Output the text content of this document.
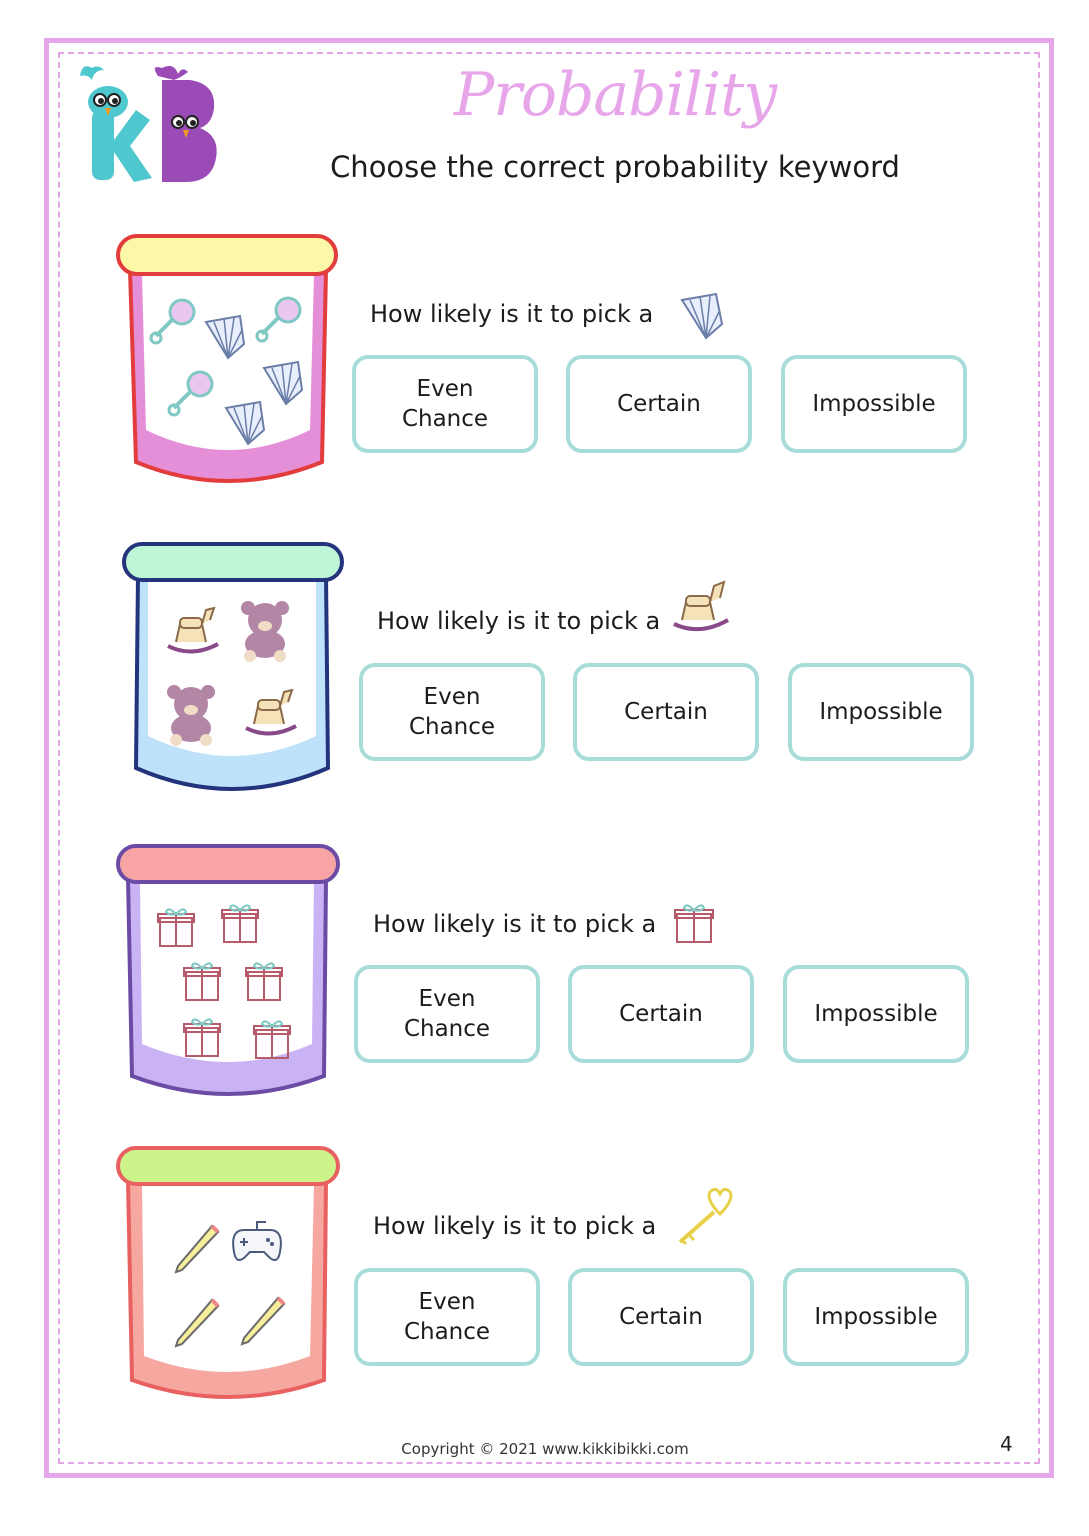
Probability
Choose the correct probability keyword
How likely is it to pick a
Even
Chance
Certain	Impossible
How likely is it to pick a
Even
Chance
Certain	Impossible
How likely is it to pick a
Even
Chance
Certain	Impossible
How likely is it to pick a
Even
Chance
Certain	Impossible
Copyright © 2021 www.kikkibikki.com	4
